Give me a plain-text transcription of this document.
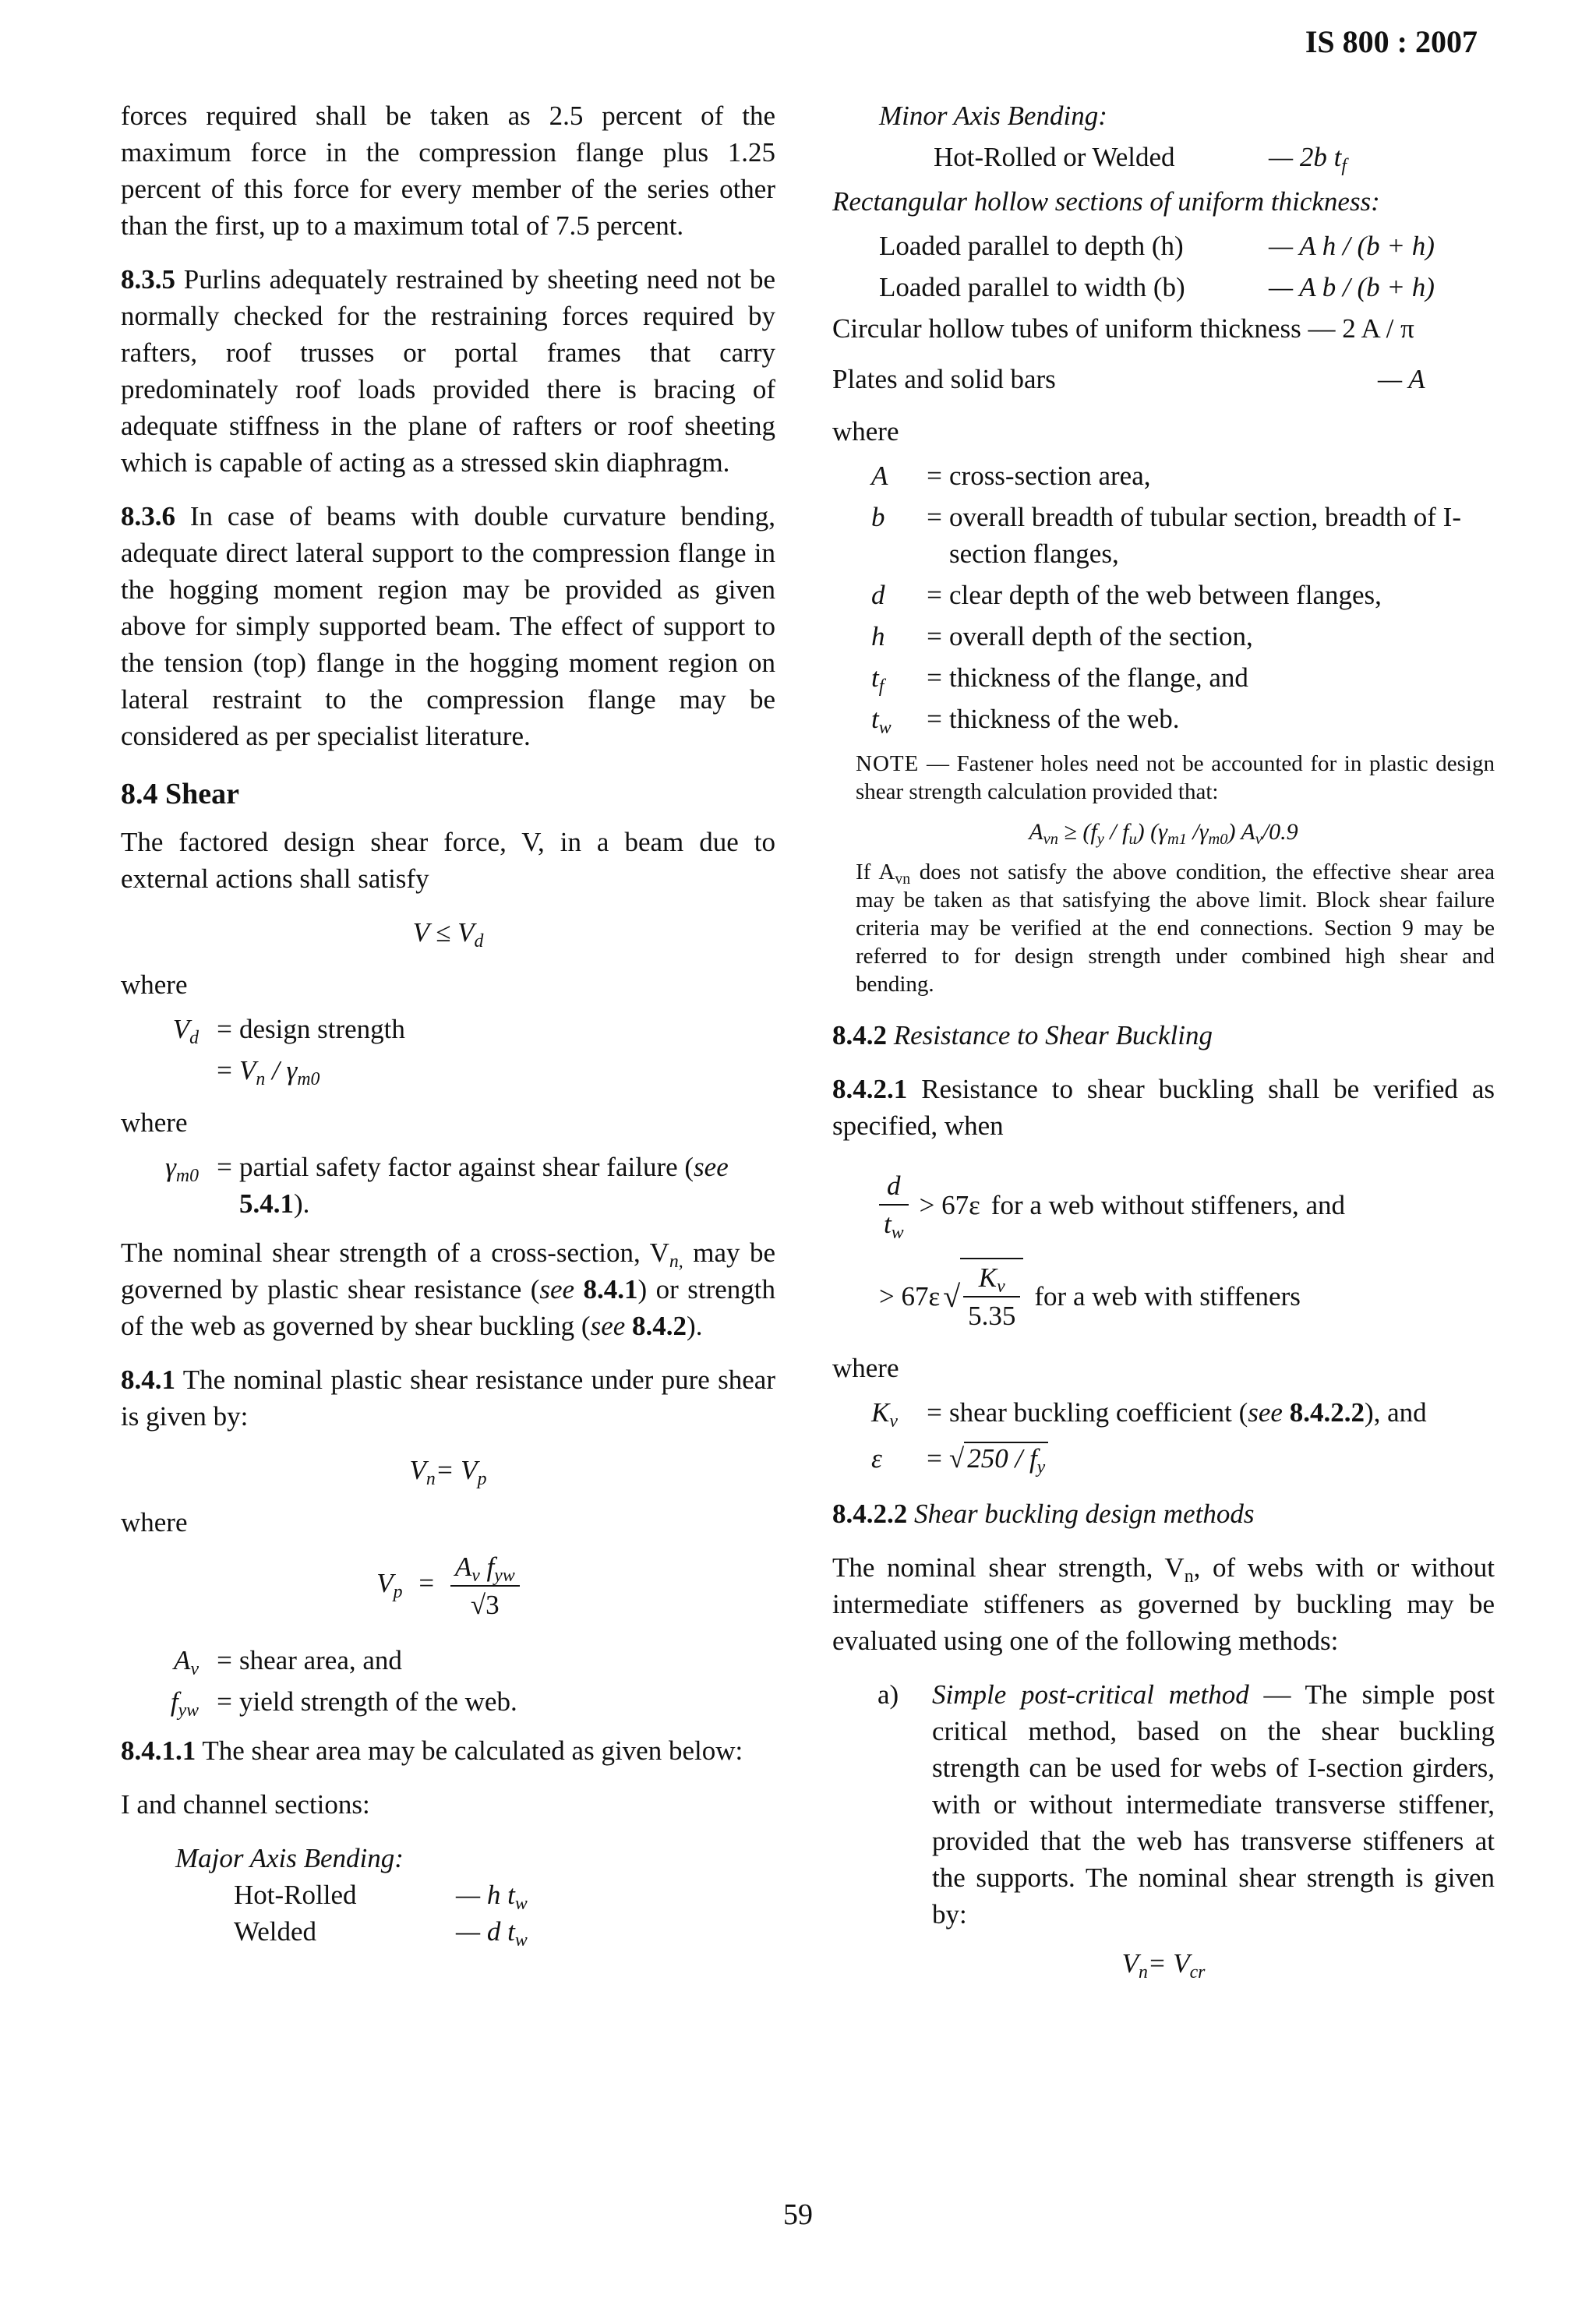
IS 800 : 2007

forces required shall be taken as 2.5 percent of the maximum force in the compression flange plus 1.25 percent of this force for every member of the series other than the first, up to a maximum total of 7.5 percent.

8.3.5 Purlins adequately restrained by sheeting need not be normally checked for the restraining forces required by rafters, roof trusses or portal frames that carry predominately roof loads provided there is bracing of adequate stiffness in the plane of rafters or roof sheeting which is capable of acting as a stressed skin diaphragm.

8.3.6 In case of beams with double curvature bending, adequate direct lateral support to the compression flange in the hogging moment region may be provided as given above for simply supported beam. The effect of support to the tension (top) flange in the hogging moment region on lateral restraint to the compression flange may be considered as per specialist literature.

8.4 Shear

The factored design shear force, V, in a beam due to external actions shall satisfy

$V \le V_d$
where
$V_d$ = design strength
= $V_n / \gamma_{m0}$
where
$\gamma_{m0}$ = partial safety factor against shear failure (see 5.4.1).

The nominal shear strength of a cross-section, $V_{n,}$ may be governed by plastic shear resistance (see 8.4.1) or strength of the web as governed by shear buckling (see 8.4.2).

8.4.1 The nominal plastic shear resistance under pure shear is given by:

$V_n= V_p$
where
$V_p = \frac{A_v f_{yw}}{√3}$
$A_v$ = shear area, and
$f_{yw}$ = yield strength of the web.

8.4.1.1 The shear area may be calculated as given below:

I and channel sections:

Major Axis Bending:
Hot-Rolled	— h $t_w$
Welded	— d $t_w$
Minor Axis Bending:
Hot-Rolled or Welded	— 2b $t_f$
Rectangular hollow sections of uniform thickness:
Loaded parallel to depth (h)	— A h / (b + h)
Loaded parallel to width (b)	— A b / (b + h)
Circular hollow tubes of uniform thickness — 2 A / π
Plates and solid bars	— A
where
A	= cross-section area,
b	= overall breadth of tubular section, breadth of I-section flanges,
d	= clear depth of the web between flanges,
h	= overall depth of the section,
$t_f$	= thickness of the flange, and
$t_w$	= thickness of the web.
NOTE — Fastener holes need not be accounted for in plastic design shear strength calculation provided that:
$A_{vn} \ge (f_y / f_u)$ ($\gamma_{m1}$ $/\gamma_{m0}$) $A_v/0.9$
If $A_{vn}$ does not satisfy the above condition, the effective shear area may be taken as that satisfying the above limit. Block shear failure criteria may be verified at the end connections. Section 9 may be referred to for design strength under combined high shear and bending.

8.4.2 Resistance to Shear Buckling

8.4.2.1 Resistance to shear buckling shall be verified as specified, when

$\frac{d}{t_w} > 67\varepsilon$ for a web without stiffeners, and
> 67ε √ $\frac{K_v}{5.35}$ for a web with stiffeners
where
$K_v$	= shear buckling coefficient (see 8.4.2.2), and
ε	= √ $250 / f_y$

8.4.2.2 Shear buckling design methods

The nominal shear strength, $V_n$, of webs with or without intermediate stiffeners as governed by buckling may be evaluated using one of the following methods:

a)	Simple post-critical method — The simple post critical method, based on the shear buckling strength can be used for webs of I-section girders, with or without intermediate transverse stiffener, provided that the web has transverse stiffeners at the supports. The nominal shear strength is given by:
$V_n= V_{cr}$
59
